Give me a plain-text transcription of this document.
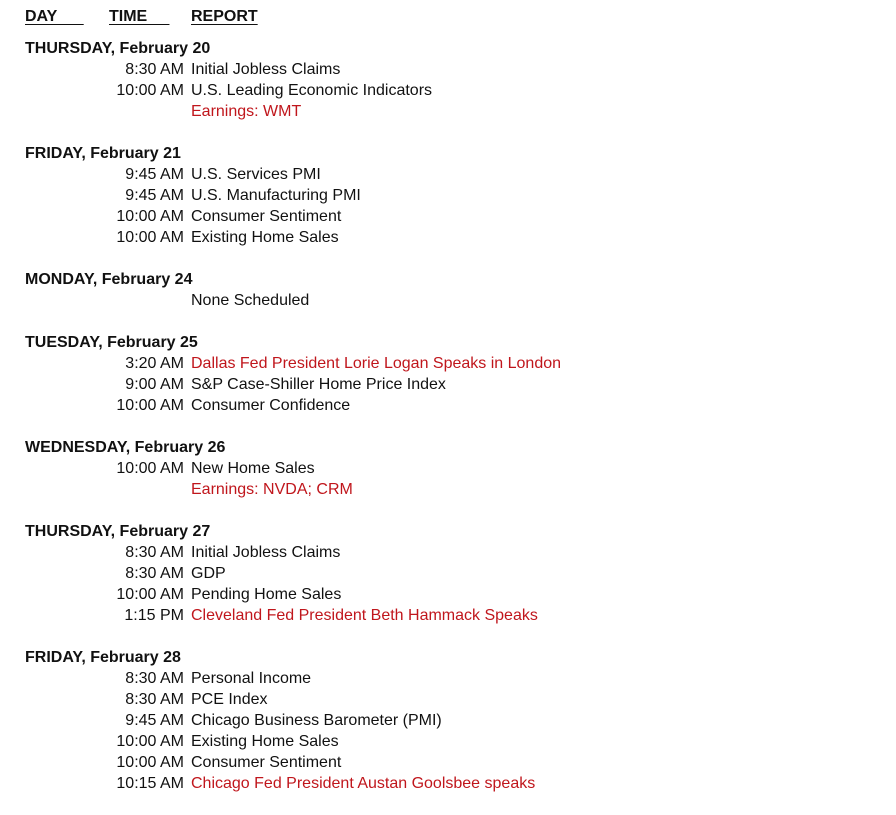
DAY TIME REPORT
THURSDAY, February 20
8:30 AM Initial Jobless Claims
10:00 AM U.S. Leading Economic Indicators
Earnings: WMT
FRIDAY, February 21
9:45 AM U.S. Services PMI
9:45 AM U.S. Manufacturing PMI
10:00 AM Consumer Sentiment
10:00 AM Existing Home Sales
MONDAY, February 24
None Scheduled
TUESDAY, February 25
3:20 AM Dallas Fed President Lorie Logan Speaks in London
9:00 AM S&P Case-Shiller Home Price Index
10:00 AM Consumer Confidence
WEDNESDAY, February 26
10:00 AM New Home Sales
Earnings: NVDA; CRM
THURSDAY, February 27
8:30 AM Initial Jobless Claims
8:30 AM GDP
10:00 AM Pending Home Sales
1:15 PM Cleveland Fed President Beth Hammack Speaks
FRIDAY, February 28
8:30 AM Personal Income
8:30 AM PCE Index
9:45 AM Chicago Business Barometer (PMI)
10:00 AM Existing Home Sales
10:00 AM Consumer Sentiment
10:15 AM Chicago Fed President Austan Goolsbee speaks
